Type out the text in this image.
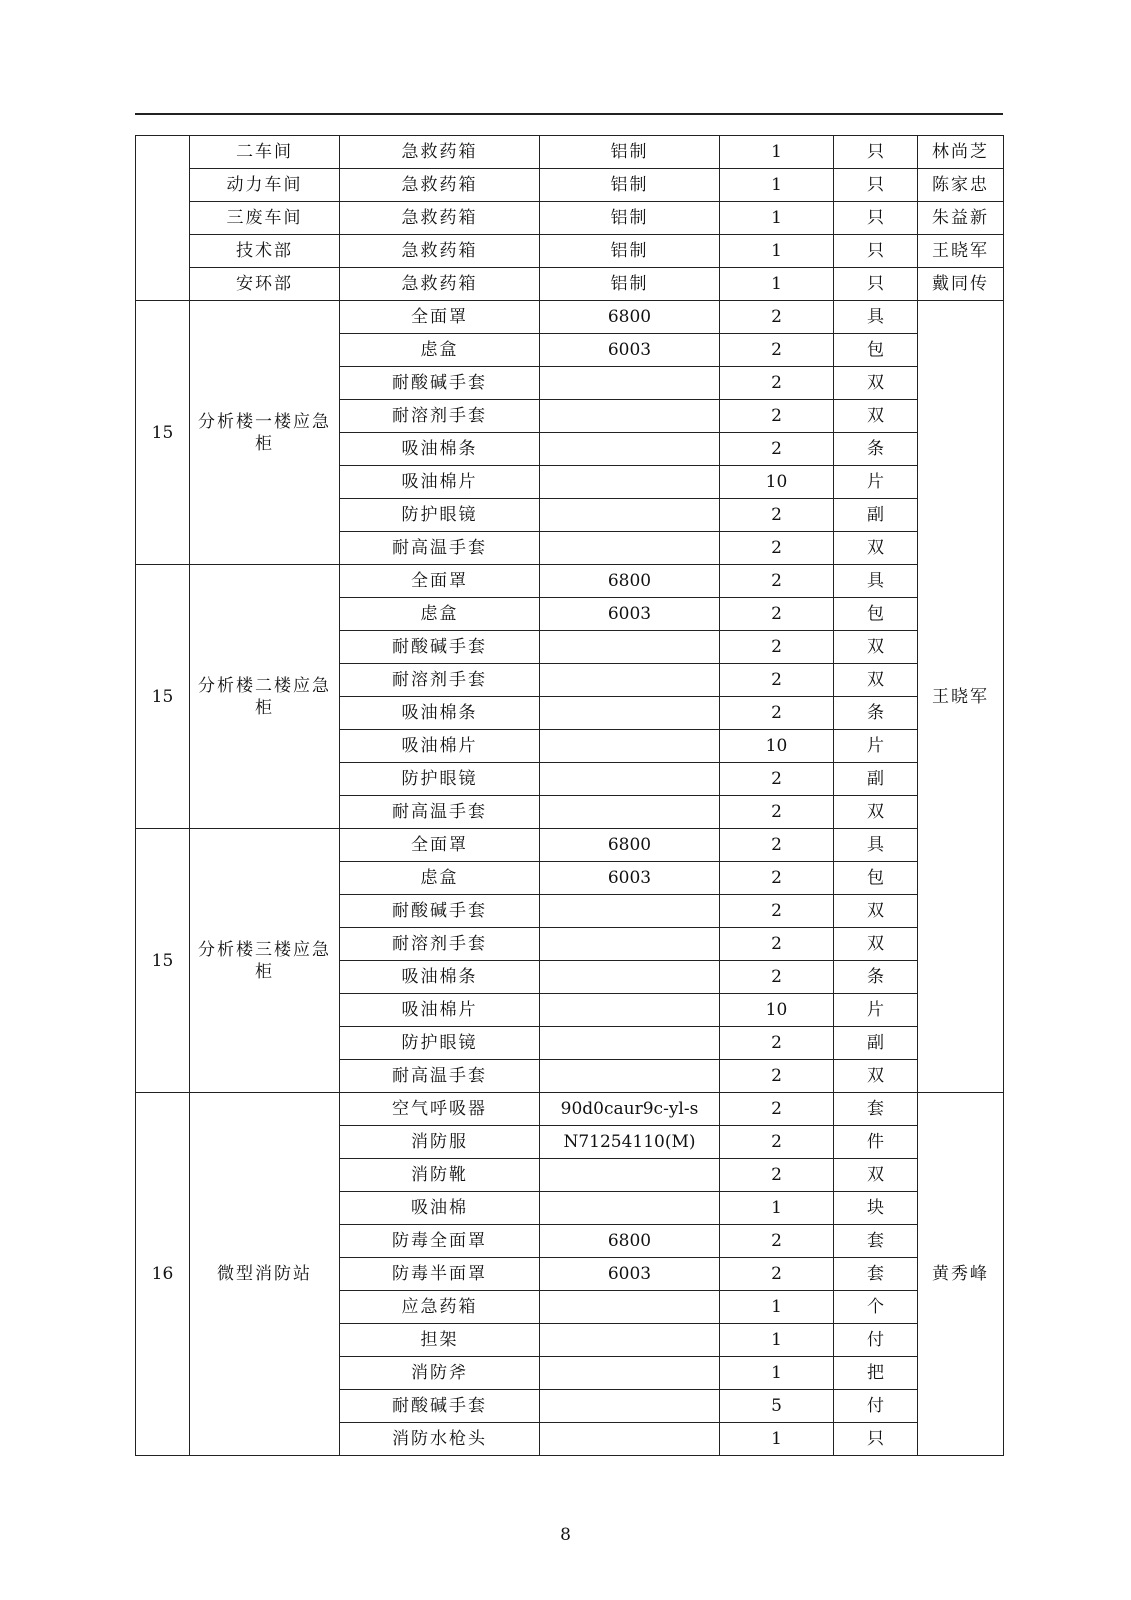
	二车间	急救药箱	铝制	1	只	林尚芝
	动力车间	急救药箱	铝制	1	只	陈家忠
	三废车间	急救药箱	铝制	1	只	朱益新
	技术部	急救药箱	铝制	1	只	王晓军
	安环部	急救药箱	铝制	1	只	戴同传
15	分析楼一楼应急柜	全面罩	6800	2	具	王晓军
		虑盒	6003	2	包	
		耐酸碱手套		2	双	
		耐溶剂手套		2	双	
		吸油棉条		2	条	
		吸油棉片		10	片	
		防护眼镜		2	副	
		耐高温手套		2	双	
15	分析楼二楼应急柜	全面罩	6800	2	具	
		虑盒	6003	2	包	
		耐酸碱手套		2	双	
		耐溶剂手套		2	双	
		吸油棉条		2	条	
		吸油棉片		10	片	
		防护眼镜		2	副	
		耐高温手套		2	双	
15	分析楼三楼应急柜	全面罩	6800	2	具	
		虑盒	6003	2	包	
		耐酸碱手套		2	双	
		耐溶剂手套		2	双	
		吸油棉条		2	条	
		吸油棉片		10	片	
		防护眼镜		2	副	
		耐高温手套		2	双	
16	微型消防站	空气呼吸器	90d0caur9c-yl-s	2	套	黄秀峰
		消防服	N71254110(M)	2	件	
		消防靴		2	双	
		吸油棉		1	块	
		防毒全面罩	6800	2	套	
		防毒半面罩	6003	2	套	
		应急药箱		1	个	
		担架		1	付	
		消防斧		1	把	
		耐酸碱手套		5	付	
		消防水枪头		1	只	
8
